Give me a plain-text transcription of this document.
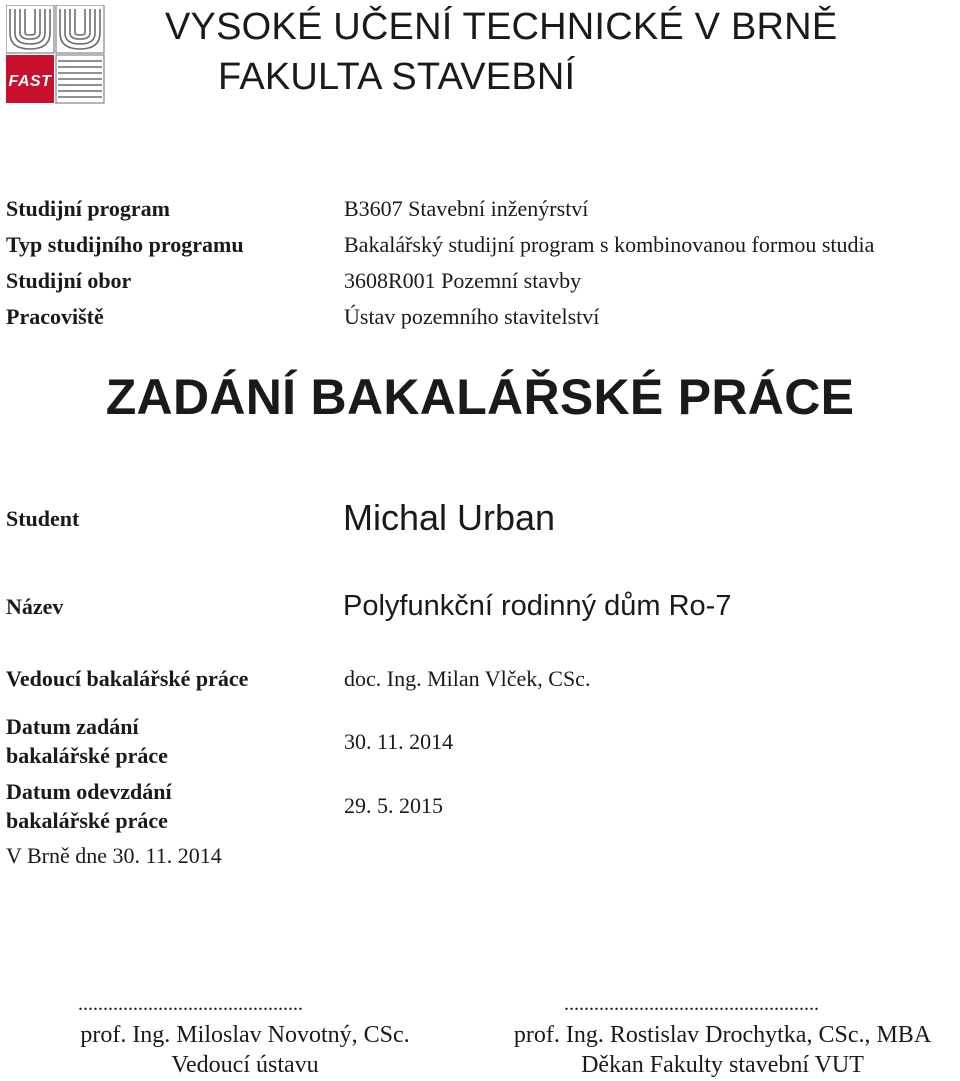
FAST
VYSOKÉ UČENÍ TECHNICKÉ V BRNĚ
FAKULTA STAVEBNÍ
Studijní program	B3607 Stavební inženýrství
Typ studijního programu	Bakalářský studijní program s kombinovanou formou studia
Studijní obor	3608R001 Pozemní stavby
Pracoviště	Ústav pozemního stavitelství
ZADÁNÍ BAKALÁŘSKÉ PRÁCE
Student	Michal Urban
Název	Polyfunkční rodinný dům Ro-7
Vedoucí bakalářské práce	doc. Ing. Milan Vlček, CSc.
Datum zadání
bakalářské práce
30. 11. 2014
Datum odevzdání
bakalářské práce
29. 5. 2015
V Brně dne 30. 11. 2014
.............................................
prof. Ing. Miloslav Novotný, CSc.
Vedoucí ústavu
...................................................
prof. Ing. Rostislav Drochytka, CSc., MBA
Děkan Fakulty stavební VUT
